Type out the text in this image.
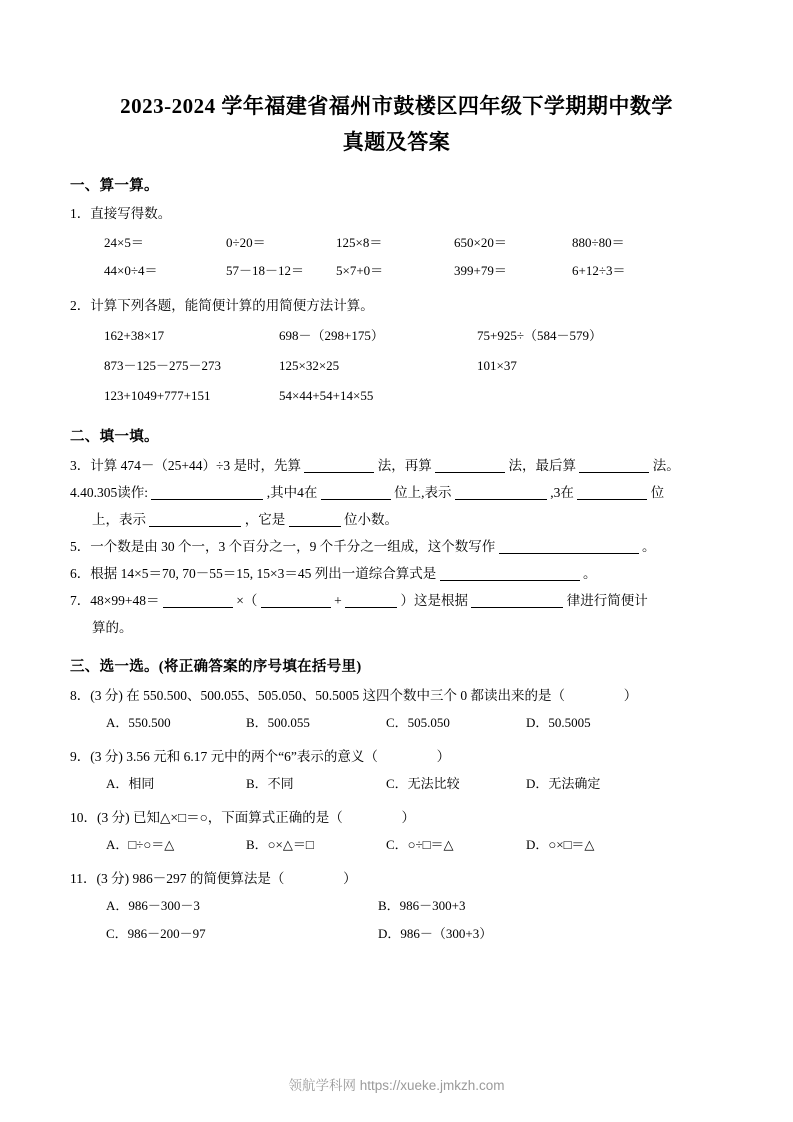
2023-2024 学年福建省福州市鼓楼区四年级下学期期中数学
真题及答案
一、算一算。
1．直接写得数。
24×5＝	0÷20＝	125×8＝	650×20＝	880÷80＝
44×0÷4＝	57－18－12＝	5×7+0＝	399+79＝	6+12÷3＝
2．计算下列各题，能简便计算的用简便方法计算。
162+38×17	698－（298+175）	75+925÷（584－579）
873－125－275－273	125×32×25	101×37
123+1049+777+151	54×44+54+14×55
二、填一填。
3．计算 474－（25+44）÷3 是时，先算	法，再算	法，最后算	法。
4.40.305读作:	,其中4在	位上,表示	,3在	位
上，表示	，它是	位小数。
5．一个数是由 30 个一，3 个百分之一，9 个千分之一组成，这个数写作	。
6．根据 14×5＝70, 70－55＝15, 15×3＝45 列出一道综合算式是	。
7．48×99+48＝	×（	+	）这是根据	律进行简便计
算的。
三、选一选。(将正确答案的序号填在括号里)
8．(3 分) 在 550.500、500.055、505.050、50.5005 这四个数中三个 0 都读出来的是（	）
A．550.500	B．500.055	C．505.050	D．50.5005
9．(3 分) 3.56 元和 6.17 元中的两个“6”表示的意义（	）
A．相同	B．不同	C．无法比较	D．无法确定
10．(3 分) 已知△×□＝○，下面算式正确的是（	）
A．□÷○＝△	B．○×△＝□	C．○÷□＝△	D．○×□＝△
11．(3 分) 986－297 的简便算法是（	）
A．986－300－3	B．986－300+3
C．986－200－97	D．986－（300+3）
领航学科网 https://xueke.jmkzh.com
